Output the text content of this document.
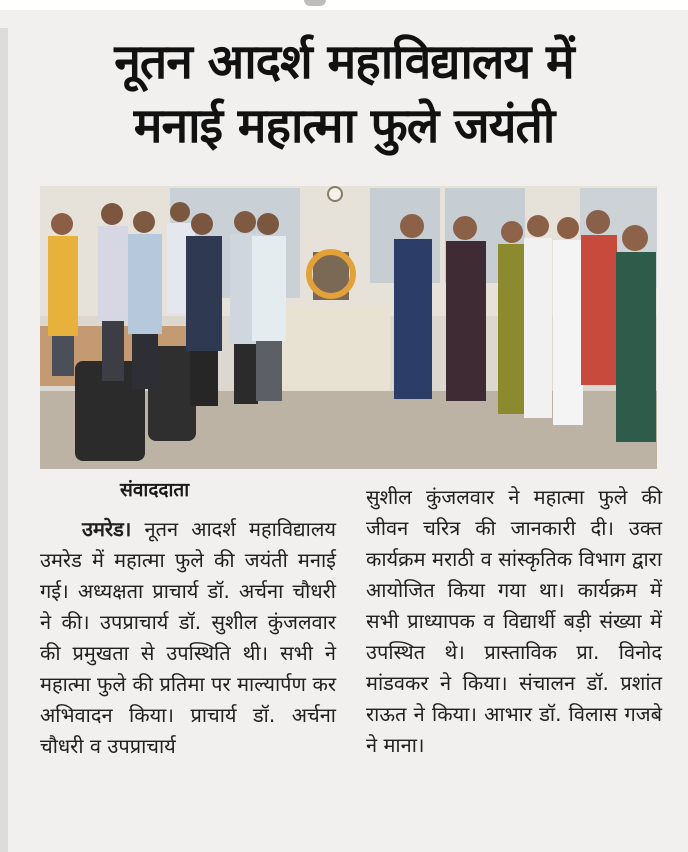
नूतन आदर्श महाविद्यालय में
मनाई महात्मा फुले जयंती
संवाददाता
उमरेड। नूतन आदर्श महाविद्यालय उमरेड में महात्मा फुले की जयंती मनाई गई। अध्यक्षता प्राचार्य डॉ. अर्चना चौधरी ने की। उपप्राचार्य डॉ. सुशील कुंजलवार की प्रमुखता से उपस्थिति थी। सभी ने महात्मा फुले की प्रतिमा पर माल्यार्पण कर अभिवादन किया। प्राचार्य डॉ. अर्चना चौधरी व उपप्राचार्य
सुशील कुंजलवार ने महात्मा फुले की जीवन चरित्र की जानकारी दी। उक्त कार्यक्रम मराठी व सांस्कृतिक विभाग द्वारा आयोजित किया गया था। कार्यक्रम में सभी प्राध्यापक व विद्यार्थी बड़ी संख्या में उपस्थित थे। प्रास्ताविक प्रा. विनोद मांडवकर ने किया। संचालन डॉ. प्रशांत राऊत ने किया। आभार डॉ. विलास गजबे ने माना।
